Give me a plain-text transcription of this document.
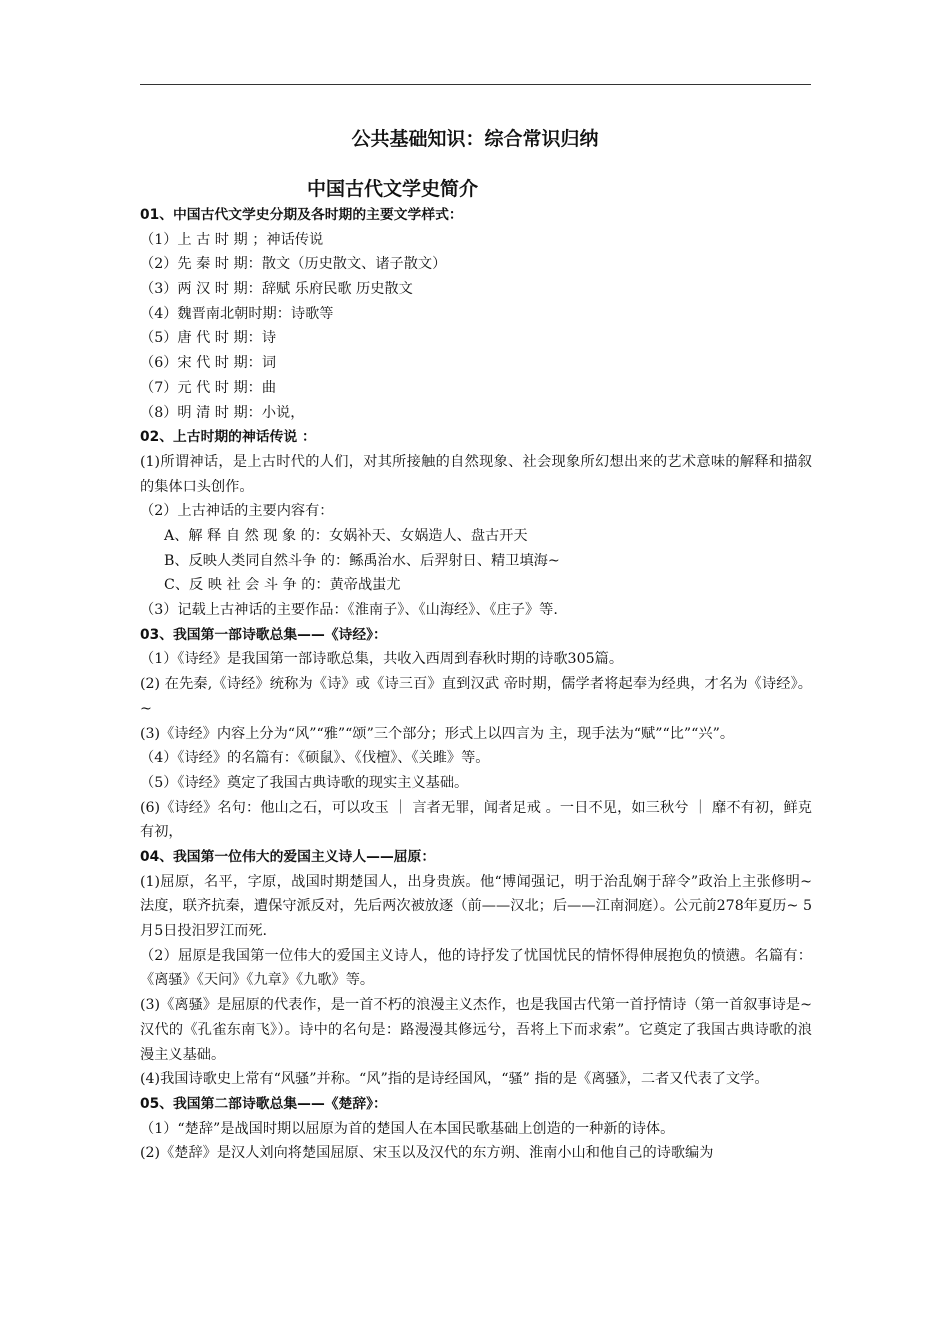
公共基础知识：综合常识归纳
中国古代文学史简介
01、中国古代文学史分期及各时期的主要文学样式：
（1）上 古 时 期 ；神话传说
（2）先 秦 时 期：散文（历史散文、诸子散文）
（3）两 汉 时 期：辞赋 乐府民歌 历史散文
（4）魏晋南北朝时期：诗歌等
（5）唐 代 时 期：诗
（6）宋 代 时 期：词
（7）元 代 时 期：曲
（8）明 清 时 期：小说，
02、上古时期的神话传说 ：
(1)所谓神话，是上古时代的人们，对其所接触的自然现象、社会现象所幻想出来的艺术意味的解释和描叙的集体口头创作。
（2）上古神话的主要内容有：
A、解 释 自 然 现 象 的：女娲补天、女娲造人、盘古开天
B、反映人类同自然斗争 的：鲧禹治水、后羿射日、精卫填海~
C、反 映 社 会 斗 争 的：黄帝战蚩尤
（3）记载上古神话的主要作品：《淮南子》、《山海经》、《庄子》等.
03、我国第一部诗歌总集——《诗经》：
（1）《诗经》是我国第一部诗歌总集，共收入西周到春秋时期的诗歌305篇。
(2) 在先秦,《诗经》统称为《诗》或《诗三百》直到汉武 帝时期，儒学者将起奉为经典，才名为《诗经》。~
(3)《诗经》内容上分为“风”“雅”“颂”三个部分；形式上以四言为 主，现手法为“赋”“比”“兴”。
（4）《诗经》的名篇有：《硕鼠》、《伐檀》、《关雎》等。
（5）《诗经》奠定了我国古典诗歌的现实主义基础。
(6)《诗经》名句：他山之石，可以攻玉 ｜ 言者无罪，闻者足戒 。一日不见，如三秋兮 ｜ 靡不有初，鲜克有初，
04、我国第一位伟大的爱国主义诗人——屈原：
(1)屈原，名平，字原，战国时期楚国人，出身贵族。他“博闻强记，明于治乱娴于辞令”政治上主张修明~ 法度，联齐抗秦，遭保守派反对，先后两次被放逐（前——汉北；后——江南洞庭）。公元前278年夏历~ 5月5日投汨罗江而死.
（2）屈原是我国第一位伟大的爱国主义诗人，他的诗抒发了忧国忧民的情怀得伸展抱负的愤懑。名篇有：《离骚》《天问》《九章》《九歌》等。
(3)《离骚》是屈原的代表作，是一首不朽的浪漫主义杰作，也是我国古代第一首抒情诗（第一首叙事诗是~ 汉代的《孔雀东南飞》）。诗中的名句是：路漫漫其修远兮，吾将上下而求索”。它奠定了我国古典诗歌的浪漫主义基础。
(4)我国诗歌史上常有“风骚”并称。“风”指的是诗经国风，“骚” 指的是《离骚》，二者又代表了文学。
05、我国第二部诗歌总集——《楚辞》：
（1）“楚辞”是战国时期以屈原为首的楚国人在本国民歌基础上创造的一种新的诗体。
(2)《楚辞》是汉人刘向将楚国屈原、宋玉以及汉代的东方朔、淮南小山和他自己的诗歌编为
